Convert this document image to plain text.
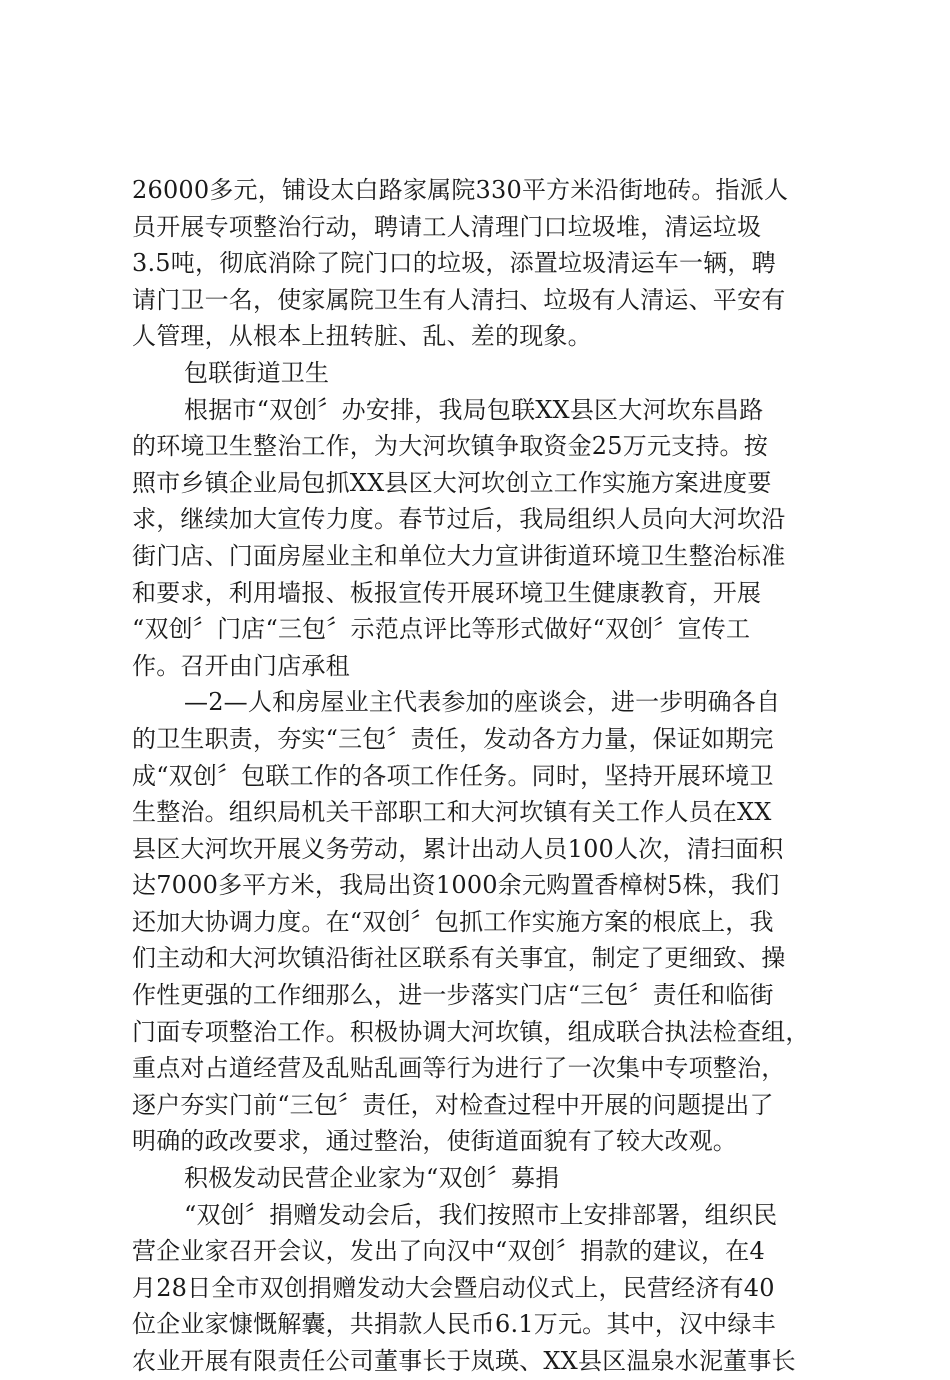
26000多元，铺设太白路家属院330平方米沿街地砖。指派人
员开展专项整治行动，聘请工人清理门口垃圾堆，清运垃圾
3.5吨，彻底消除了院门口的垃圾，添置垃圾清运车一辆，聘
请门卫一名，使家属院卫生有人清扫、垃圾有人清运、平安有
人管理，从根本上扭转脏、乱、差的现象。
包联街道卫生
根据市“双创〞办安排，我局包联XX县区大河坎东昌路
的环境卫生整治工作，为大河坎镇争取资金25万元支持。按
照市乡镇企业局包抓XX县区大河坎创立工作实施方案进度要
求，继续加大宣传力度。春节过后，我局组织人员向大河坎沿
街门店、门面房屋业主和单位大力宣讲街道环境卫生整治标准
和要求，利用墙报、板报宣传开展环境卫生健康教育，开展
“双创〞门店“三包〞示范点评比等形式做好“双创〞宣传工
作。召开由门店承租
—2—人和房屋业主代表参加的座谈会，进一步明确各自
的卫生职责，夯实“三包〞责任，发动各方力量，保证如期完
成“双创〞包联工作的各项工作任务。同时，坚持开展环境卫
生整治。组织局机关干部职工和大河坎镇有关工作人员在XX
县区大河坎开展义务劳动，累计出动人员100人次，清扫面积
达7000多平方米，我局出资1000余元购置香樟树5株，我们
还加大协调力度。在“双创〞包抓工作实施方案的根底上，我
们主动和大河坎镇沿街社区联系有关事宜，制定了更细致、操
作性更强的工作细那么，进一步落实门店“三包〞责任和临街
门面专项整治工作。积极协调大河坎镇，组成联合执法检查组，
重点对占道经营及乱贴乱画等行为进行了一次集中专项整治，
逐户夯实门前“三包〞责任，对检查过程中开展的问题提出了
明确的政改要求，通过整治，使街道面貌有了较大改观。
积极发动民营企业家为“双创〞募捐
“双创〞捐赠发动会后，我们按照市上安排部署，组织民
营企业家召开会议，发出了向汉中“双创〞捐款的建议，在4
月28日全市双创捐赠发动大会暨启动仪式上，民营经济有40
位企业家慷慨解囊，共捐款人民币6.1万元。其中，汉中绿丰
农业开展有限责任公司董事长于岚瑛、XX县区温泉水泥董事长
